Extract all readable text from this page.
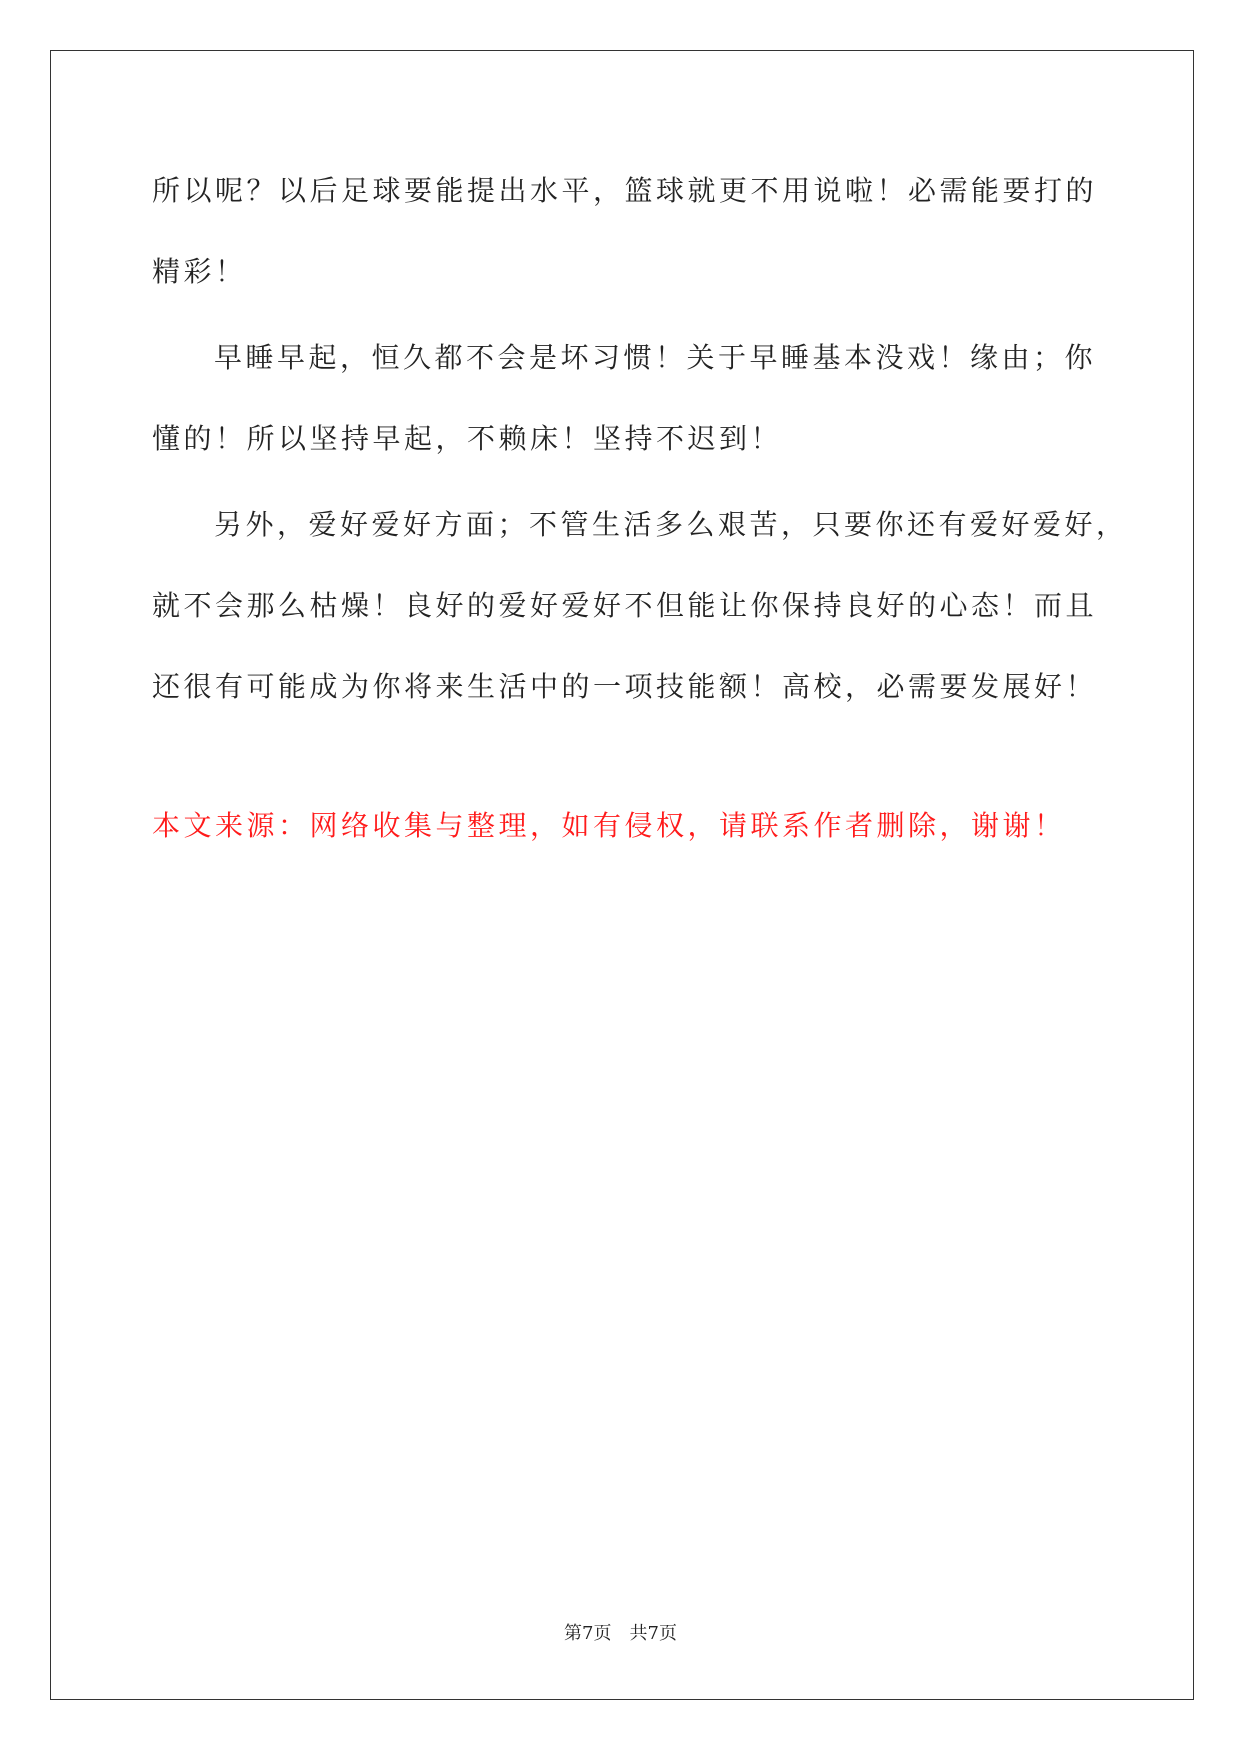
所以呢？以后足球要能提出水平，篮球就更不用说啦！必需能要打的

精彩！

早睡早起，恒久都不会是坏习惯！关于早睡基本没戏！缘由；你

懂的！所以坚持早起，不赖床！坚持不迟到！

另外，爱好爱好方面；不管生活多么艰苦，只要你还有爱好爱好，

就不会那么枯燥！良好的爱好爱好不但能让你保持良好的心态！而且

还很有可能成为你将来生活中的一项技能额！高校，必需要发展好！

本文来源：网络收集与整理，如有侵权，请联系作者删除，谢谢！

第7页 共7页
